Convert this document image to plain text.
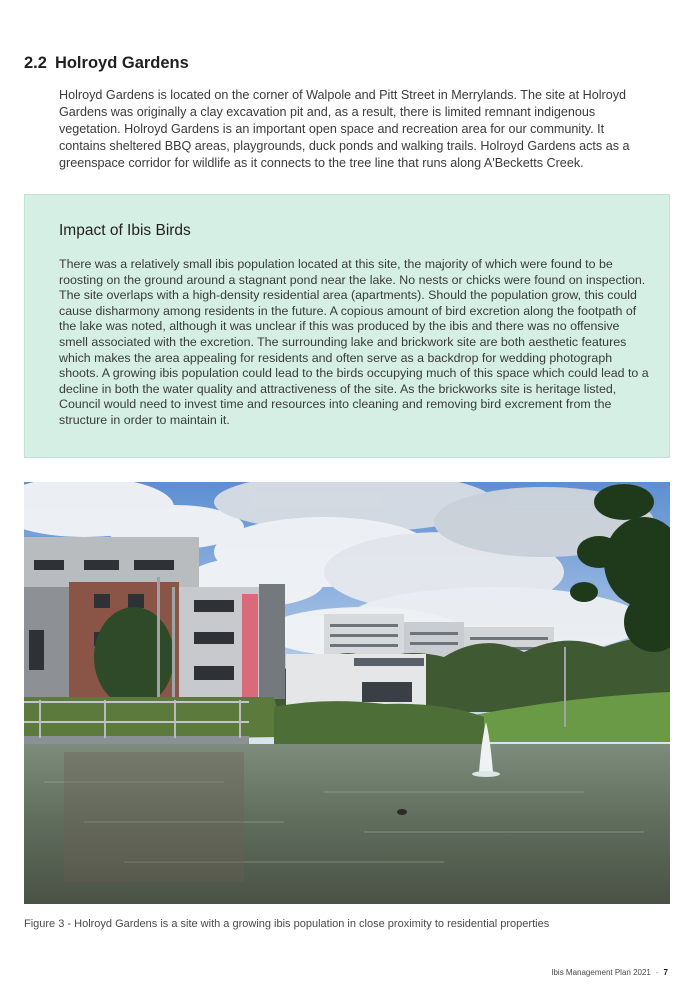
2.2 Holroyd Gardens

Holroyd Gardens is located on the corner of Walpole and Pitt Street in Merrylands. The site at Holroyd Gardens was originally a clay excavation pit and, as a result, there is limited remnant indigenous vegetation. Holroyd Gardens is an important open space and recreation area for our community. It contains sheltered BBQ areas, playgrounds, duck ponds and walking trails. Holroyd Gardens acts as a greenspace corridor for wildlife as it connects to the tree line that runs along A'Becketts Creek.

Impact of Ibis Birds

There was a relatively small ibis population located at this site, the majority of which were found to be roosting on the ground around a stagnant pond near the lake. No nests or chicks were found on inspection. The site overlaps with a high-density residential area (apartments). Should the population grow, this could cause disharmony among residents in the future. A copious amount of bird excretion along the footpath of the lake was noted, although it was unclear if this was produced by the ibis and there was no offensive smell associated with the excretion. The surrounding lake and brickwork site are both aesthetic features which makes the area appealing for residents and often serve as a backdrop for wedding photograph shoots. A growing ibis population could lead to the birds occupying much of this space which could lead to a decline in both the water quality and attractiveness of the site. As the brickworks site is heritage listed, Council would need to invest time and resources into cleaning and removing bird excrement from the structure in order to maintain it.

Figure 3 - Holroyd Gardens is a site with a growing ibis population in close proximity to residential properties

Ibis Management Plan 2021 - 7
